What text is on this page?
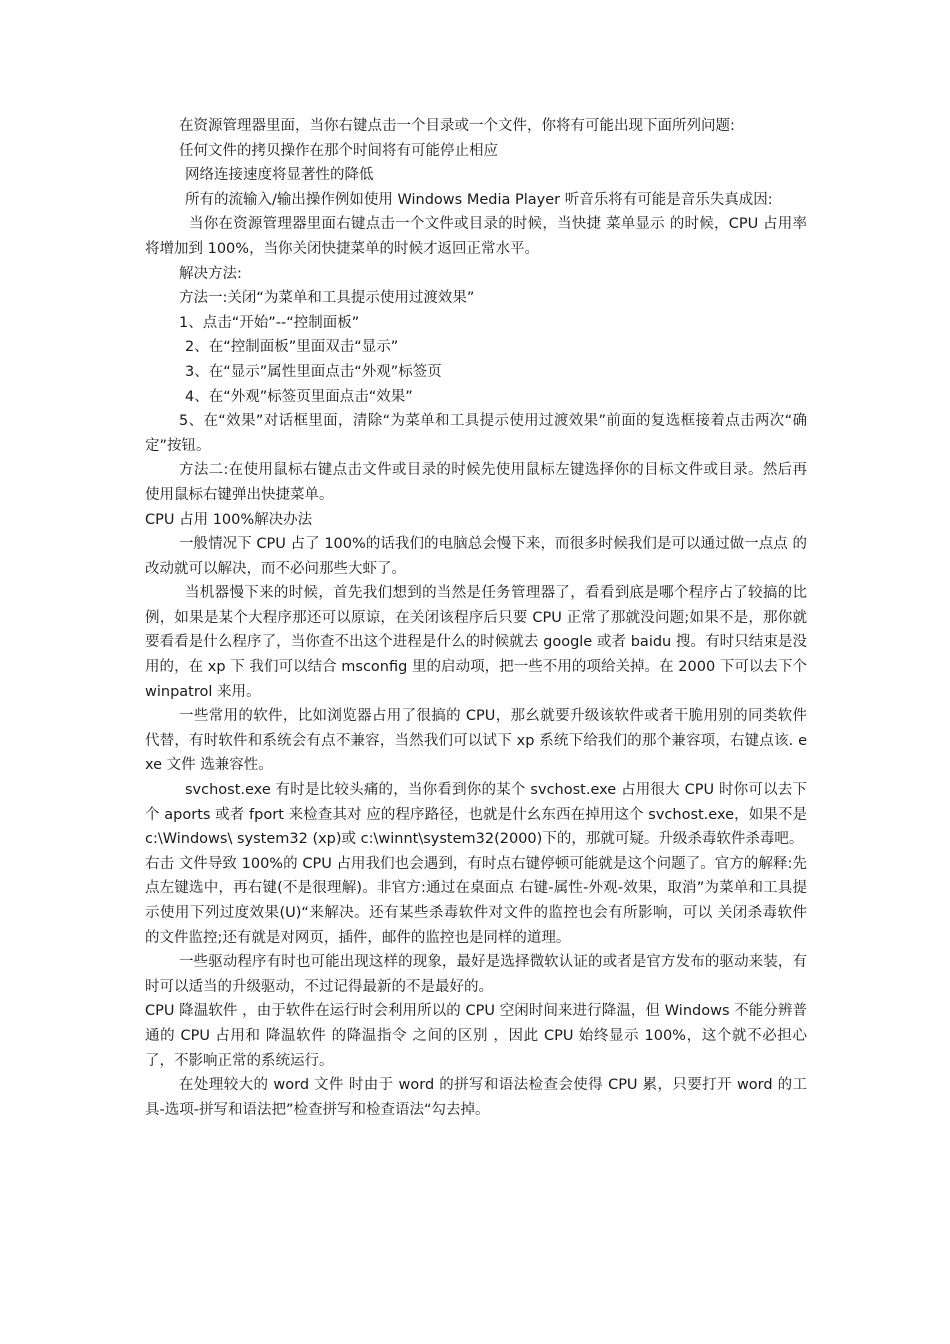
在资源管理器里面，当你右键点击一个目录或一个文件，你将有可能出现下面所列问题:

任何文件的拷贝操作在那个时间将有可能停止相应

网络连接速度将显著性的降低

所有的流输入/输出操作例如使用 Windows Media Player 听音乐将有可能是音乐失真成因:

当你在资源管理器里面右键点击一个文件或目录的时候，当快捷 菜单显示 的时候，CPU 占用率将增加到 100%，当你关闭快捷菜单的时候才返回正常水平。

解决方法:

方法一:关闭“为菜单和工具提示使用过渡效果”

1、点击“开始”--“控制面板”

2、在“控制面板”里面双击“显示”

3、在“显示”属性里面点击“外观”标签页

4、在“外观”标签页里面点击“效果”

5、在“效果”对话框里面，清除“为菜单和工具提示使用过渡效果”前面的复选框接着点击两次“确定”按钮。

方法二:在使用鼠标右键点击文件或目录的时候先使用鼠标左键选择你的目标文件或目录。然后再使用鼠标右键弹出快捷菜单。

CPU 占用 100%解决办法

一般情况下 CPU 占了 100%的话我们的电脑总会慢下来，而很多时候我们是可以通过做一点点 的改动就可以解决，而不必问那些大虾了。

当机器慢下来的时候，首先我们想到的当然是任务管理器了，看看到底是哪个程序占了较搞的比例，如果是某个大程序那还可以原谅，在关闭该程序后只要 CPU 正常了那就没问题;如果不是，那你就要看看是什么程序了，当你查不出这个进程是什么的时候就去 google 或者 baidu 搜。有时只结束是没用的，在 xp 下 我们可以结合 msconfig 里的启动项，把一些不用的项给关掉。在 2000 下可以去下个 winpatrol 来用。

一些常用的软件，比如浏览器占用了很搞的 CPU，那幺就要升级该软件或者干脆用别的同类软件代替，有时软件和系统会有点不兼容，当然我们可以试下 xp 系统下给我们的那个兼容项，右键点该. exe 文件 选兼容性。

svchost.exe 有时是比较头痛的，当你看到你的某个 svchost.exe 占用很大 CPU 时你可以去下个 aports 或者 fport 来检查其对 应的程序路径，也就是什幺东西在掉用这个 svchost.exe，如果不是 c:\Windows\ system32 (xp)或 c:\winnt\system32(2000)下的，那就可疑。升级杀毒软件杀毒吧。

右击 文件导致 100%的 CPU 占用我们也会遇到，有时点右键停顿可能就是这个问题了。官方的解释:先点左键选中，再右键(不是很理解)。非官方:通过在桌面点 右键-属性-外观-效果，取消”为菜单和工具提示使用下列过度效果(U)“来解决。还有某些杀毒软件对文件的监控也会有所影响，可以 关闭杀毒软件 的文件监控;还有就是对网页，插件，邮件的监控也是同样的道理。

一些驱动程序有时也可能出现这样的现象，最好是选择微软认证的或者是官方发布的驱动来装，有时可以适当的升级驱动，不过记得最新的不是最好的。

CPU 降温软件 ，由于软件在运行时会利用所以的 CPU 空闲时间来进行降温，但 Windows 不能分辨普通的 CPU 占用和 降温软件 的降温指令 之间的区别 ，因此 CPU 始终显示 100%，这个就不必担心了，不影响正常的系统运行。

在处理较大的 word 文件 时由于 word 的拼写和语法检查会使得 CPU 累，只要打开 word 的工具-选项-拼写和语法把”检查拼写和检查语法“勾去掉。
